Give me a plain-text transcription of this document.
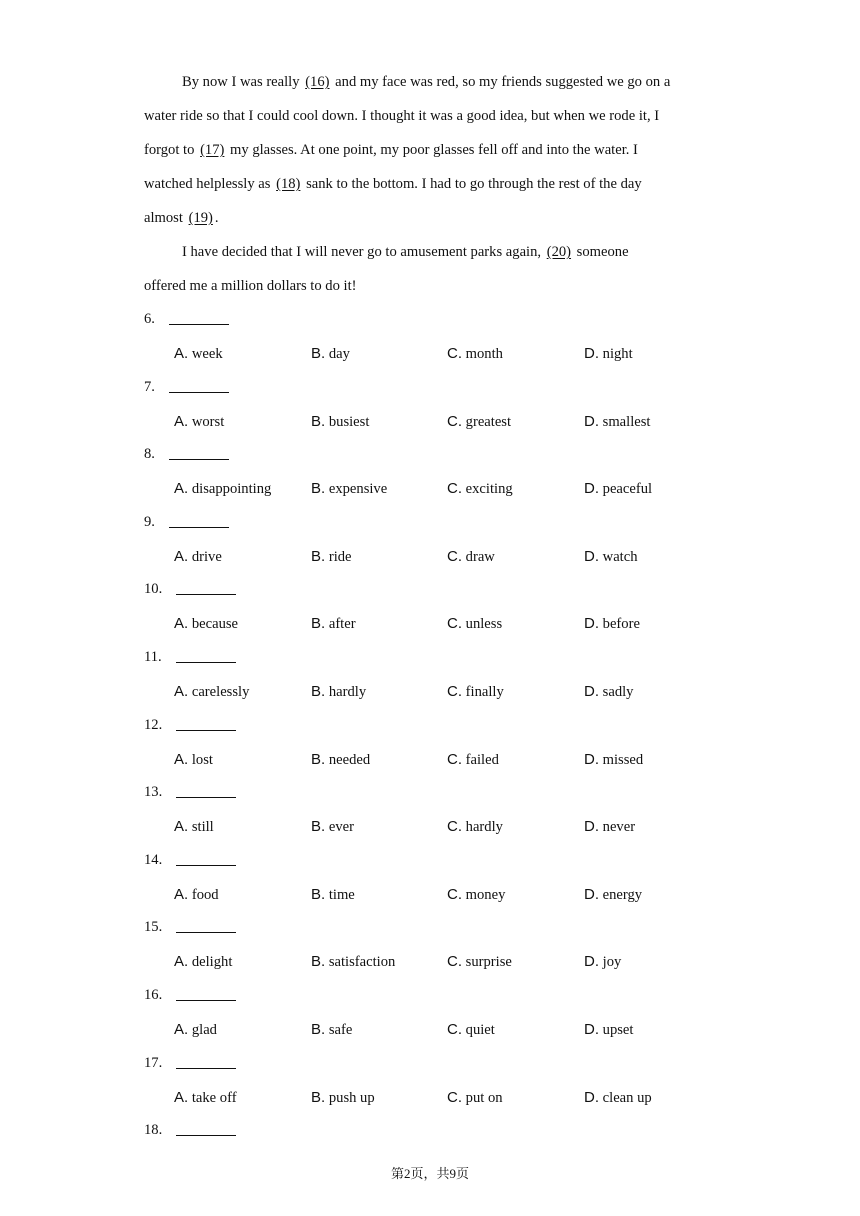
By now I was really (16) and my face was red, so my friends suggested we go on a
water ride so that I could cool down. I thought it was a good idea, but when we rode it, I
forgot to (17) my glasses. At one point, my poor glasses fell off and into the water. I
watched helplessly as (18) sank to the bottom. I had to go through the rest of the day
almost (19) .
I have decided that I will never go to amusement parks again, (20) someone
offered me a million dollars to do it!
6.
A. week	B. day	C. month	D. night
7.
A. worst	B. busiest	C. greatest	D. smallest
8.
A. disappointing	B. expensive	C. exciting	D. peaceful
9.
A. drive	B. ride	C. draw	D. watch
10.
A. because	B. after	C. unless	D. before
11.
A. carelessly	B. hardly	C. finally	D. sadly
12.
A. lost	B. needed	C. failed	D. missed
13.
A. still	B. ever	C. hardly	D. never
14.
A. food	B. time	C. money	D. energy
15.
A. delight	B. satisfaction	C. surprise	D. joy
16.
A. glad	B. safe	C. quiet	D. upset
17.
A. take off	B. push up	C. put on	D. clean up
18.
第2页，共9页
